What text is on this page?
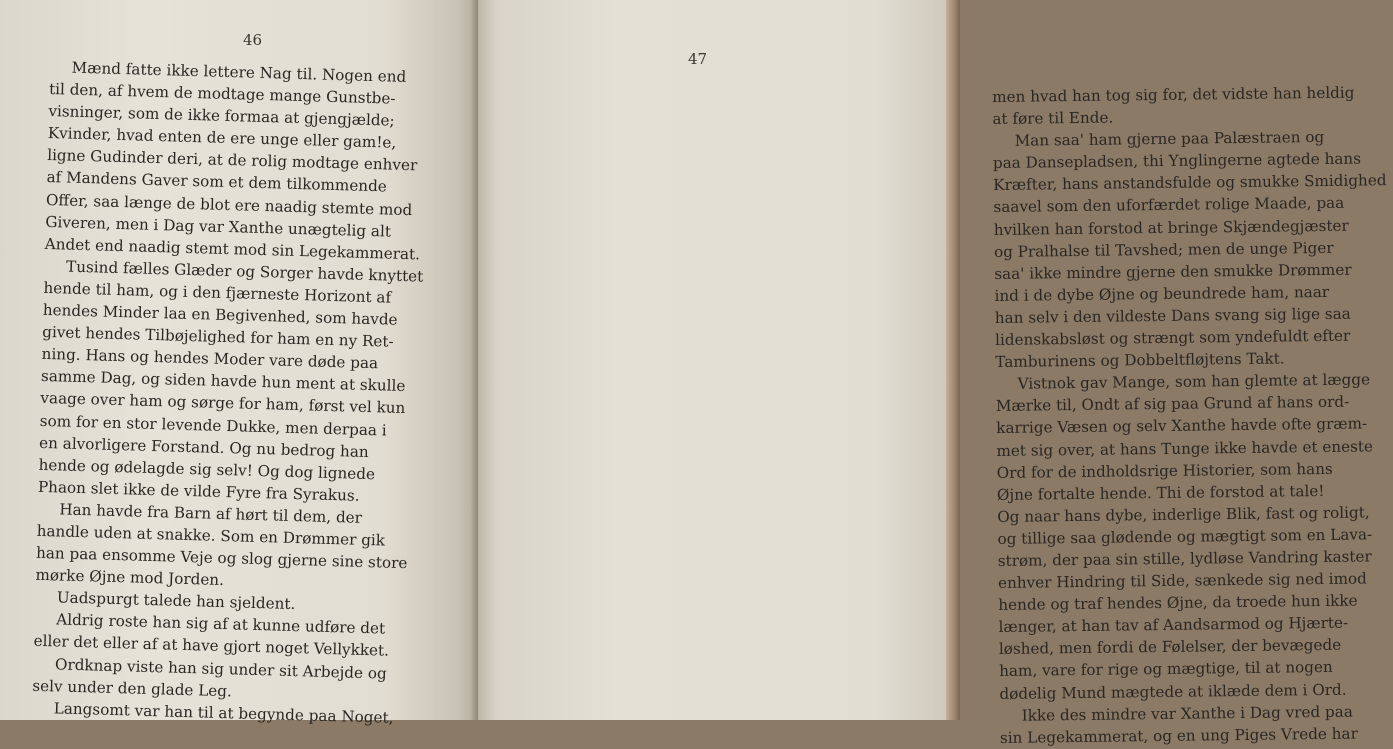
46
Mænd fatte ikke lettere Nag til. Nogen end
til den, af hvem de modtage mange Gunstbe-
visninger, som de ikke formaa at gjengjælde;
Kvinder, hvad enten de ere unge eller gam!e,
ligne Gudinder deri, at de rolig modtage enhver
af Mandens Gaver som et dem tilkommende
Offer, saa længe de blot ere naadig stemte mod
Giveren, men i Dag var Xanthe unægtelig alt
Andet end naadig stemt mod sin Legekammerat.
Tusind fælles Glæder og Sorger havde knyttet
hende til ham, og i den fjærneste Horizont af
hendes Minder laa en Begivenhed, som havde
givet hendes Tilbøjelighed for ham en ny Ret-
ning. Hans og hendes Moder vare døde paa
samme Dag, og siden havde hun ment at skulle
vaage over ham og sørge for ham, først vel kun
som for en stor levende Dukke, men derpaa i
en alvorligere Forstand. Og nu bedrog han
hende og ødelagde sig selv! Og dog lignede
Phaon slet ikke de vilde Fyre fra Syrakus.
Han havde fra Barn af hørt til dem, der
handle uden at snakke. Som en Drømmer gik
han paa ensomme Veje og slog gjerne sine store
mørke Øjne mod Jorden.
Uadspurgt talede han sjeldent.
Aldrig roste han sig af at kunne udføre det
eller det eller af at have gjort noget Vellykket.
Ordknap viste han sig under sit Arbejde og
selv under den glade Leg.
Langsomt var han til at begynde paa Noget,
47
men hvad han tog sig for, det vidste han heldig
at føre til Ende.
Man saa' ham gjerne paa Palæstraen og
paa Dansepladsen, thi Ynglingerne agtede hans
Kræfter, hans anstandsfulde og smukke Smidighed
saavel som den uforfærdet rolige Maade, paa
hvilken han forstod at bringe Skjændegjæster
og Pralhalse til Tavshed; men de unge Piger
saa' ikke mindre gjerne den smukke Drømmer
ind i de dybe Øjne og beundrede ham, naar
han selv i den vildeste Dans svang sig lige saa
lidenskabsløst og strængt som yndefuldt efter
Tamburinens og Dobbeltfløjtens Takt.
Vistnok gav Mange, som han glemte at lægge
Mærke til, Ondt af sig paa Grund af hans ord-
karrige Væsen og selv Xanthe havde ofte græm-
met sig over, at hans Tunge ikke havde et eneste
Ord for de indholdsrige Historier, som hans
Øjne fortalte hende. Thi de forstod at tale!
Og naar hans dybe, inderlige Blik, fast og roligt,
og tillige saa glødende og mægtigt som en Lava-
strøm, der paa sin stille, lydløse Vandring kaster
enhver Hindring til Side, sænkede sig ned imod
hende og traf hendes Øjne, da troede hun ikke
længer, at han tav af Aandsarmod og Hjærte-
løshed, men fordi de Følelser, der bevægede
ham, vare for rige og mægtige, til at nogen
dødelig Mund mægtede at iklæde dem i Ord.
Ikke des mindre var Xanthe i Dag vred paa
sin Legekammerat, og en ung Piges Vrede har
